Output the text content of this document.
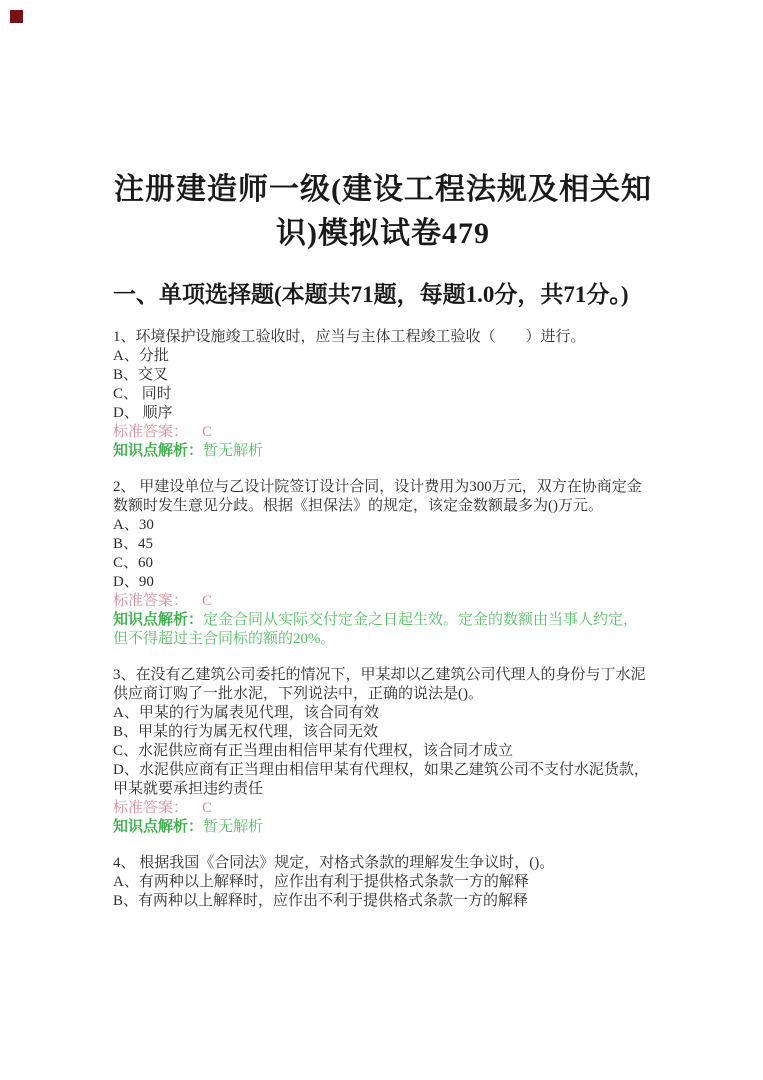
注册建造师一级(建设工程法规及相关知识)模拟试卷479
一、单项选择题(本题共71题，每题1.0分，共71分。)
1、环境保护设施竣工验收时，应当与主体工程竣工验收（　　）进行。
A、分批
B、交叉
C、 同时
D、 顺序
标准答案： C
知识点解析：暂无解析
2、 甲建设单位与乙设计院签订设计合同，设计费用为300万元，双方在协商定金数额时发生意见分歧。根据《担保法》的规定，该定金数额最多为()万元。
A、30
B、45
C、60
D、90
标准答案： C
知识点解析：定金合同从实际交付定金之日起生效。定金的数额由当事人约定，但不得超过主合同标的额的20%。
3、在没有乙建筑公司委托的情况下，甲某却以乙建筑公司代理人的身份与丁水泥供应商订购了一批水泥，下列说法中，正确的说法是()。
A、甲某的行为属表见代理，该合同有效
B、甲某的行为属无权代理，该合同无效
C、水泥供应商有正当理由相信甲某有代理权，该合同才成立
D、水泥供应商有正当理由相信甲某有代理权，如果乙建筑公司不支付水泥货款，甲某就要承担违约责任
标准答案： C
知识点解析：暂无解析
4、 根据我国《合同法》规定，对格式条款的理解发生争议时，()。
A、有两种以上解释时，应作出有利于提供格式条款一方的解释
B、有两种以上解释时，应作出不利于提供格式条款一方的解释
